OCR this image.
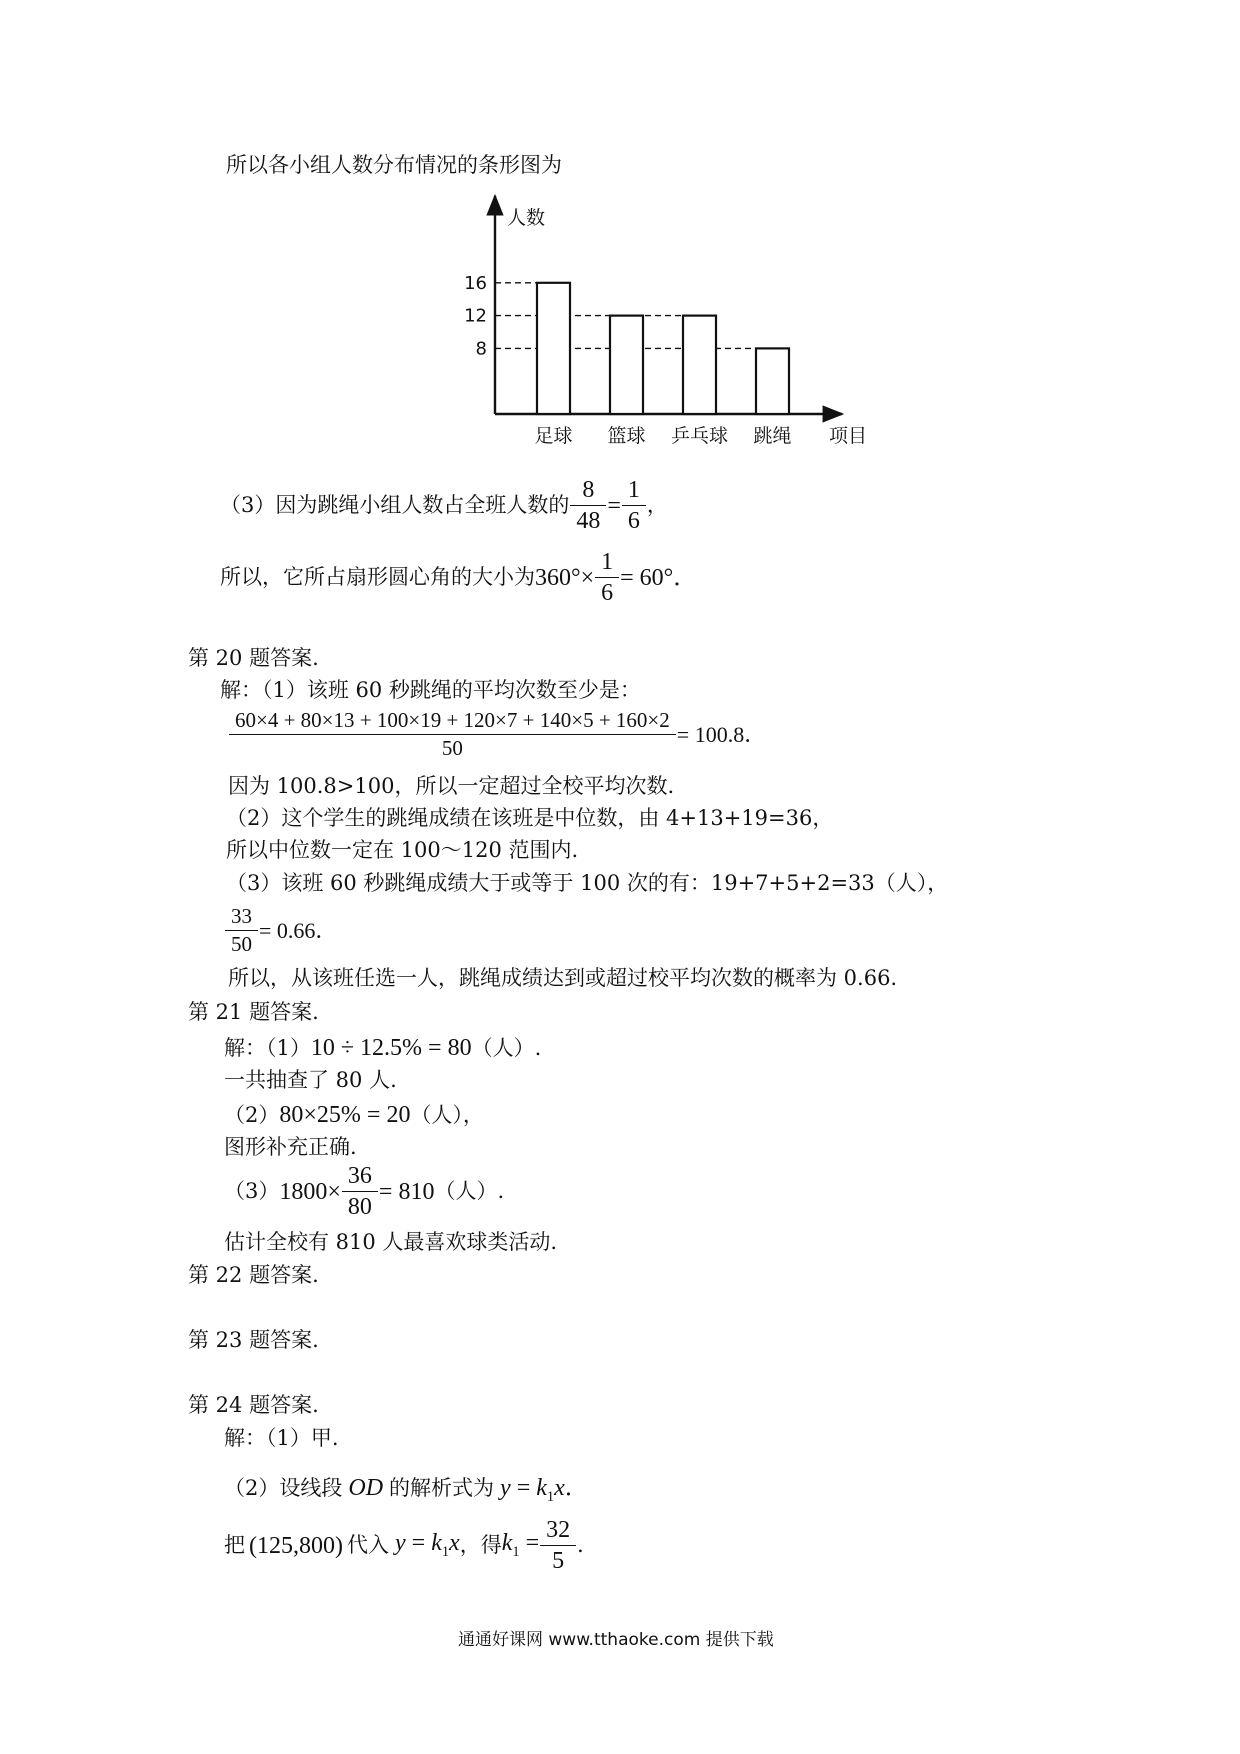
所以各小组人数分布情况的条形图为
16
12
8
足球 篮球 乒乓球 跳绳
人数
项目
（3）因为跳绳小组人数占全班人数的 $\frac{8}{48} = \frac{1}{6}$ ，
所以，它所占扇形圆心角的大小为 $360^\circ\times \frac{1}{6} = 60^\circ$．
第 20 题答案.
解：（1）该班 60 秒跳绳的平均次数至少是：
$\frac{60\times 4 + 80\times 13 + 100\times 19 + 120\times 7 + 140\times 5 + 160\times 2}{50} = 100.8$．
因为 100.8>100，所以一定超过全校平均次数.
（2）这个学生的跳绳成绩在该班是中位数，由 4+13+19=36，
所以中位数一定在 100～120 范围内.
（3）该班 60 秒跳绳成绩大于或等于 100 次的有：19+7+5+2=33（人），
$\frac{33}{50} = 0.66$．
所以，从该班任选一人，跳绳成绩达到或超过校平均次数的概率为 0.66.
第 21 题答案.
解：（1） 10 ÷ 12.5% = 80 （人）.
一共抽查了 80 人.
（2） 80×25% = 20 （人），
图形补充正确.
（3） $1800\times \frac{36}{80} = 810$ （人）.
估计全校有 810 人最喜欢球类活动.
第 22 题答案.
第 23 题答案.
第 24 题答案.
解：（1）甲.
（2）设线段 OD 的解析式为 $y = k_1x$．
把 (125,800) 代入 $y = k_1x$ ，得 $k_1 = \frac{32}{5}$ ．
通通好课网 www.tthaoke.com 提供下载
